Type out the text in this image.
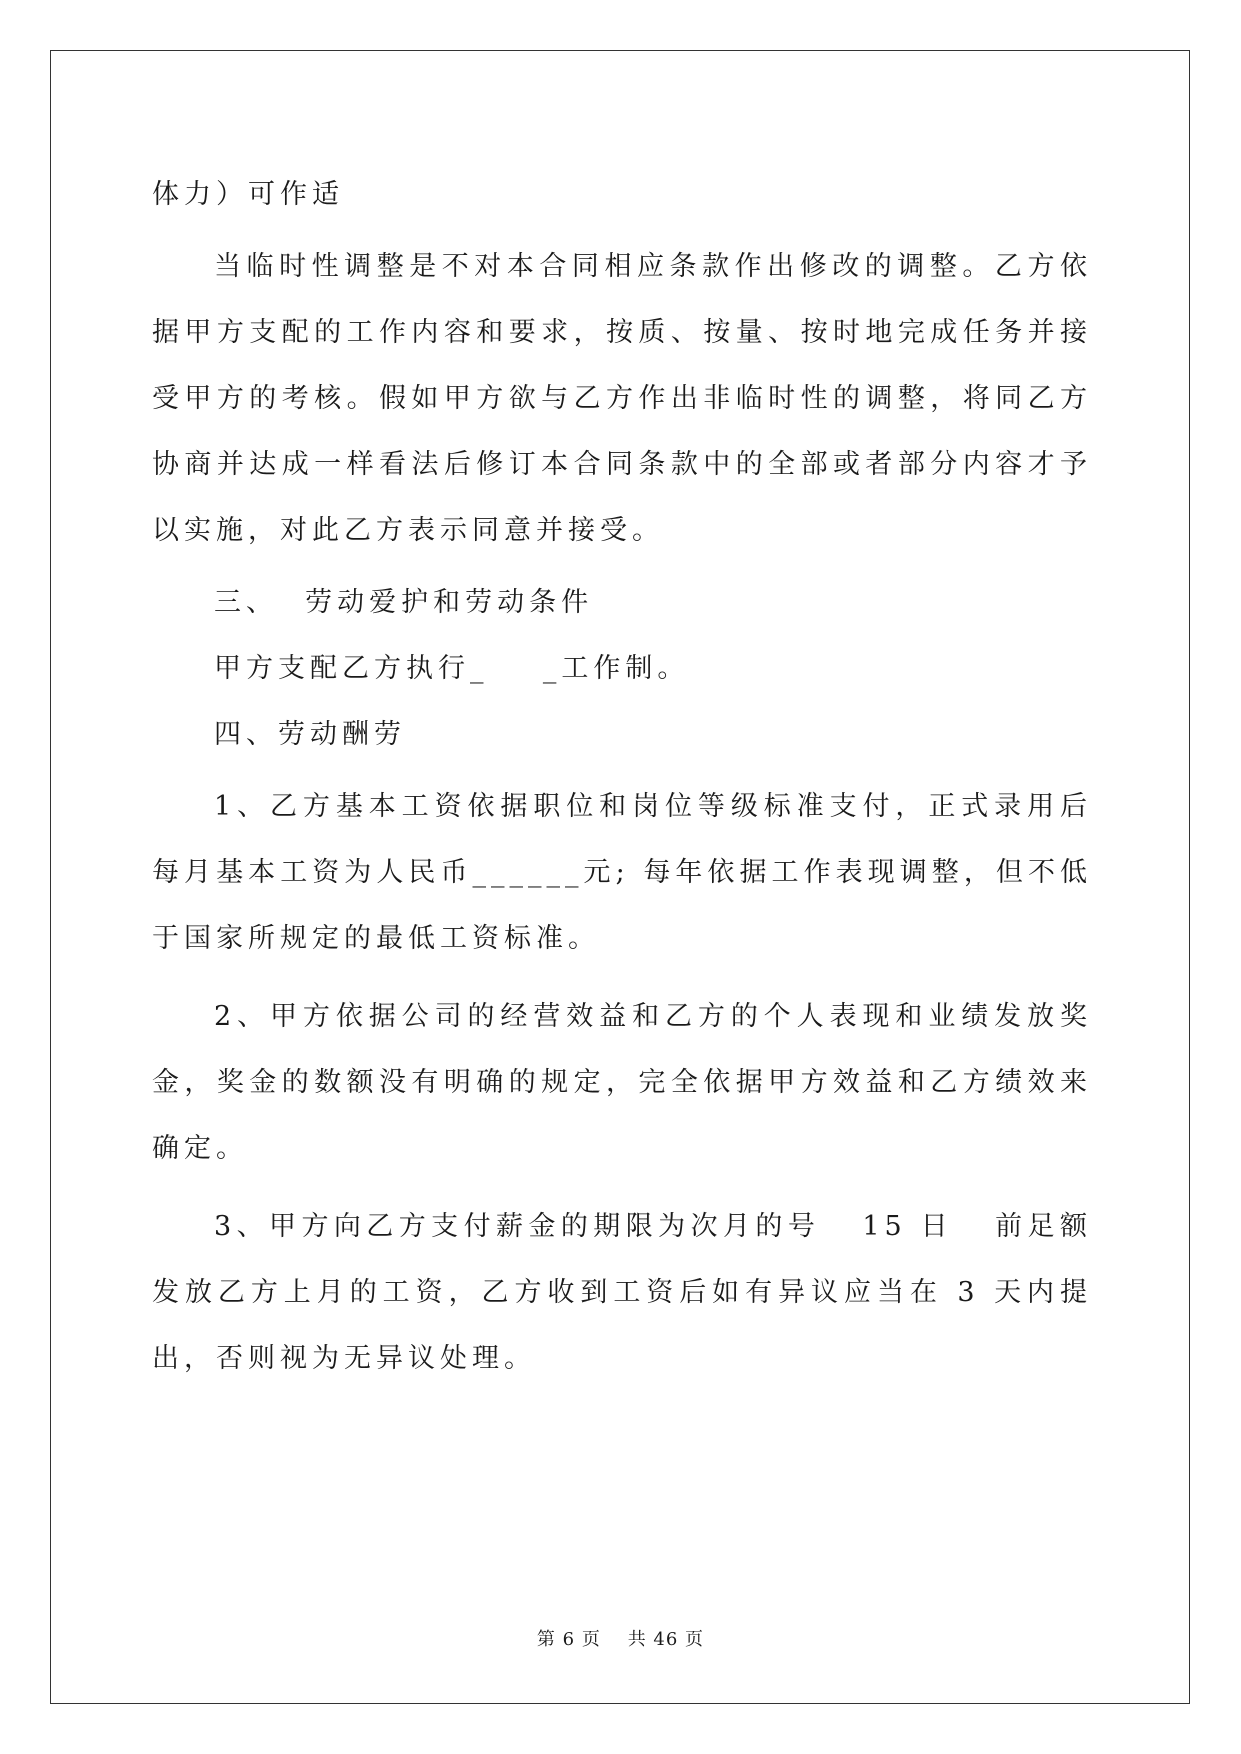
体力）可作适

当临时性调整是不对本合同相应条款作出修改的调整。乙方依据甲方支配的工作内容和要求，按质、按量、按时地完成任务并接受甲方的考核。假如甲方欲与乙方作出非临时性的调整，将同乙方协商并达成一样看法后修订本合同条款中的全部或者部分内容才予以实施，对此乙方表示同意并接受。

三、  劳动爱护和劳动条件

甲方支配乙方执行_    _工作制。

四、劳动酬劳

1、乙方基本工资依据职位和岗位等级标准支付，正式录用后每月基本工资为人民币______元; 每年依据工作表现调整，但不低于国家所规定的最低工资标准。

2、甲方依据公司的经营效益和乙方的个人表现和业绩发放奖金，奖金的数额没有明确的规定，完全依据甲方效益和乙方绩效来确定。

3、甲方向乙方支付薪金的期限为次月的号   15 日   前足额发放乙方上月的工资，乙方收到工资后如有异议应当在 3 天内提出，否则视为无异议处理。

第 6 页    共 46 页
